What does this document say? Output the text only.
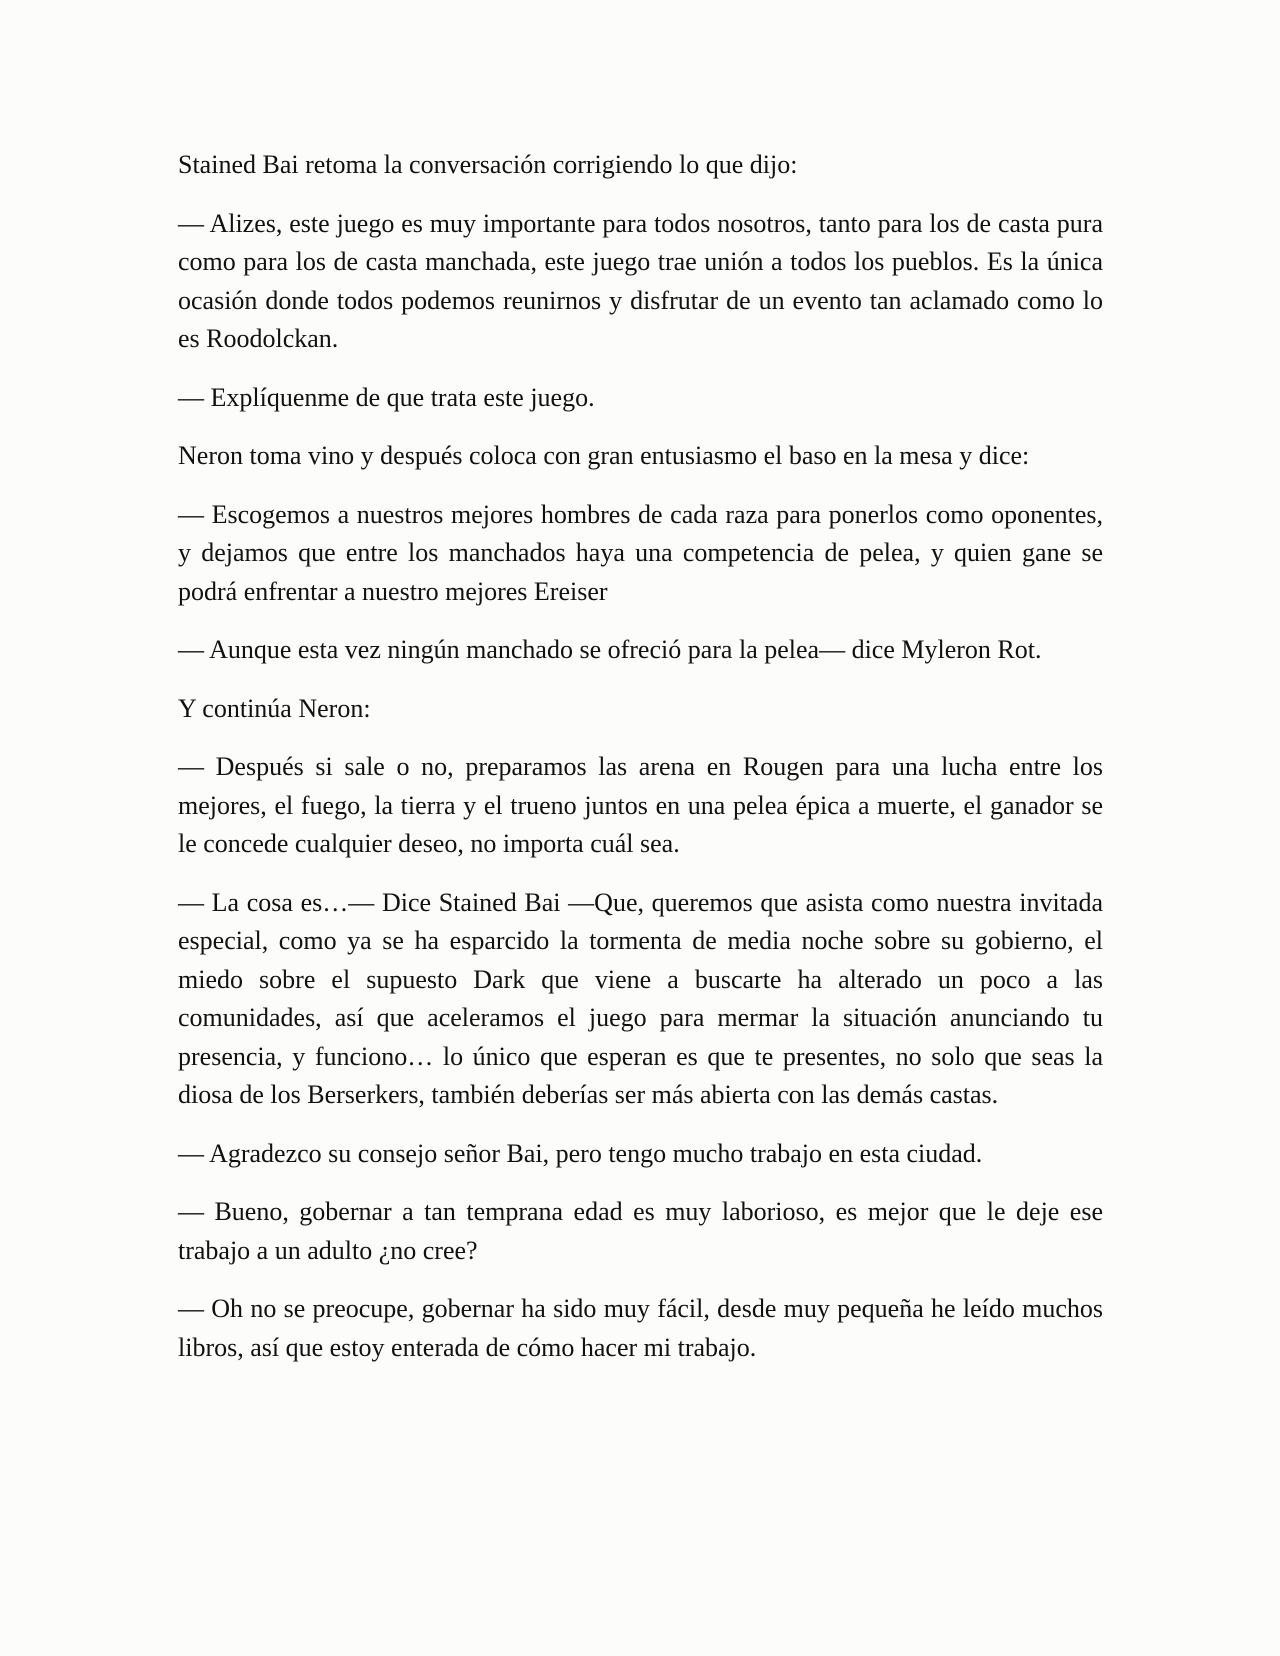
Stained Bai retoma la conversación corrigiendo lo que dijo:

— Alizes, este juego es muy importante para todos nosotros, tanto para los de casta pura como para los de casta manchada, este juego trae unión a todos los pueblos. Es la única ocasión donde todos podemos reunirnos y disfrutar de un evento tan aclamado como lo es Roodolckan.

— Explíquenme de que trata este juego.

Neron toma vino y después coloca con gran entusiasmo el baso en la mesa y dice:

— Escogemos a nuestros mejores hombres de cada raza para ponerlos como oponentes, y dejamos que entre los manchados haya una competencia de pelea, y quien gane se podrá enfrentar a nuestro mejores Ereiser

— Aunque esta vez ningún manchado se ofreció para la pelea— dice Myleron Rot.

Y continúa Neron:

— Después si sale o no, preparamos las arena en Rougen para una lucha entre los mejores, el fuego, la tierra y el trueno juntos en una pelea épica a muerte, el ganador se le concede cualquier deseo, no importa cuál sea.

— La cosa es…— Dice Stained Bai —Que, queremos que asista como nuestra invitada especial, como ya se ha esparcido la tormenta de media noche sobre su gobierno, el miedo sobre el supuesto Dark que viene a buscarte ha alterado un poco a las comunidades, así que aceleramos el juego para mermar la situación anunciando tu presencia, y funciono… lo único que esperan es que te presentes, no solo que seas la diosa de los Berserkers, también deberías ser más abierta con las demás castas.

— Agradezco su consejo señor Bai, pero tengo mucho trabajo en esta ciudad.

— Bueno, gobernar a tan temprana edad es muy laborioso, es mejor que le deje ese trabajo a un adulto ¿no cree?

— Oh no se preocupe, gobernar ha sido muy fácil, desde muy pequeña he leído muchos libros, así que estoy enterada de cómo hacer mi trabajo.
